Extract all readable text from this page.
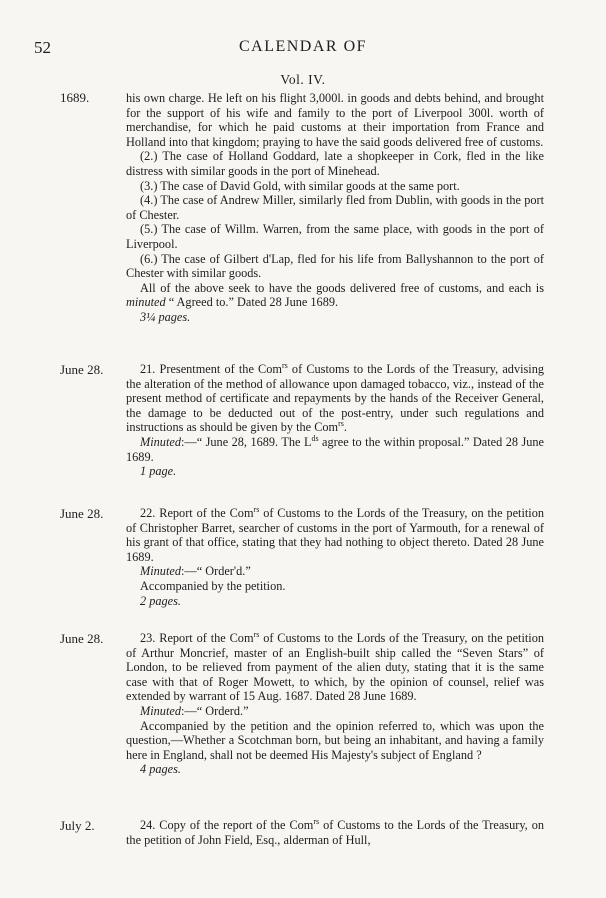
52	CALENDAR OF
Vol. IV.
1689.
June 28.
June 28.
June 28.
July 2.

his own charge. He left on his flight 3,000l. in goods and debts behind, and brought for the support of his wife and family to the port of Liverpool 300l. worth of merchandise, for which he paid customs at their importation from France and Holland into that kingdom; praying to have the said goods delivered free of customs.

(2.) The case of Holland Goddard, late a shopkeeper in Cork, fled in the like distress with similar goods in the port of Minehead.

(3.) The case of David Gold, with similar goods at the same port.

(4.) The case of Andrew Miller, similarly fled from Dublin, with goods in the port of Chester.

(5.) The case of Willm. Warren, from the same place, with goods in the port of Liverpool.

(6.) The case of Gilbert d'Lap, fled for his life from Ballyshannon to the port of Chester with similar goods.

All of the above seek to have the goods delivered free of customs, and each is minuted “ Agreed to.” Dated 28 June 1689.

3¼ pages.

21. Presentment of the Com$^{rs}$ of Customs to the Lords of the Treasury, advising the alteration of the method of allowance upon damaged tobacco, viz., instead of the present method of certificate and repayments by the hands of the Receiver General, the damage to be deducted out of the post-entry, under such regulations and instructions as should be given by the Com$^{rs}$.

Minuted:—“ June 28, 1689. The $L^{ds}$ agree to the within proposal.” Dated 28 June 1689.

1 page.

22. Report of the Com$^{rs}$ of Customs to the Lords of the Treasury, on the petition of Christopher Barret, searcher of customs in the port of Yarmouth, for a renewal of his grant of that office, stating that they had nothing to object thereto. Dated 28 June 1689.

Minuted:—“ Order'd.”

Accompanied by the petition.

2 pages.

23. Report of the Com$^{rs}$ of Customs to the Lords of the Treasury, on the petition of Arthur Moncrief, master of an English-built ship called the “Seven Stars” of London, to be relieved from payment of the alien duty, stating that it is the same case with that of Roger Mowett, to which, by the opinion of counsel, relief was extended by warrant of 15 Aug. 1687. Dated 28 June 1689.

Minuted:—“ Orderd.”

Accompanied by the petition and the opinion referred to, which was upon the question,—Whether a Scotchman born, but being an inhabitant, and having a family here in England, shall not be deemed His Majesty's subject of England ?

4 pages.

24. Copy of the report of the Com$^{rs}$ of Customs to the Lords of the Treasury, on the petition of John Field, Esq., alderman of Hull,
